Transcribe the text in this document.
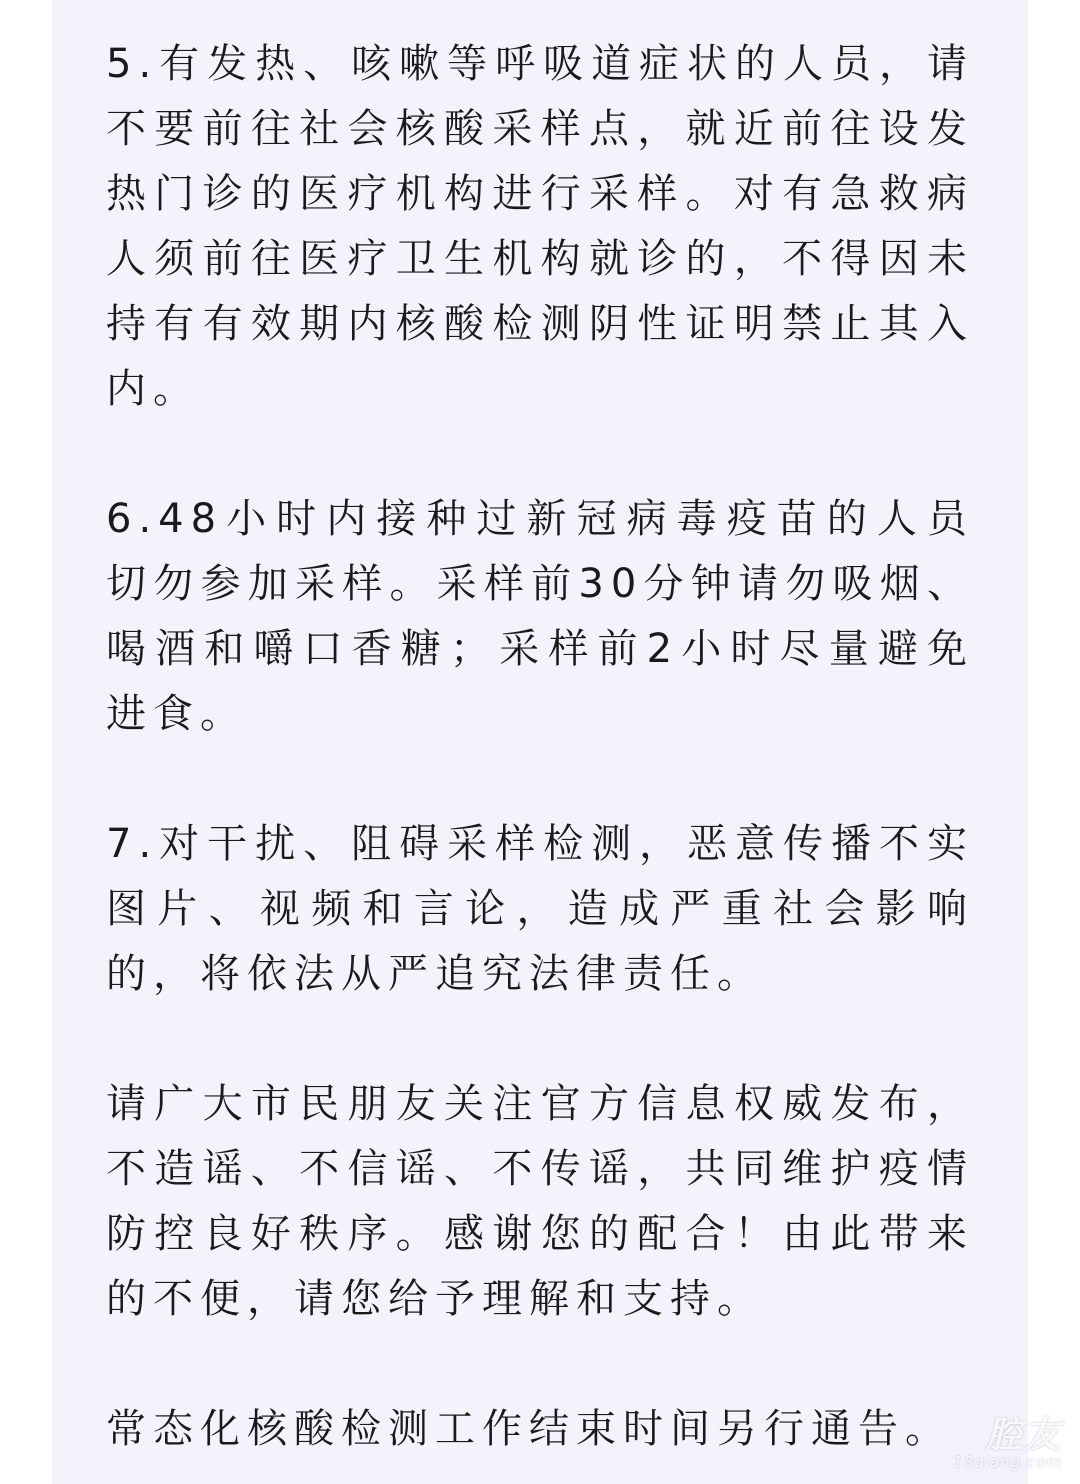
5.有发热、咳嗽等呼吸道症状的人员，请不要前往社会核酸采样点，就近前往设发热门诊的医疗机构进行采样。对有急救病人须前往医疗卫生机构就诊的，不得因未持有有效期内核酸检测阴性证明禁止其入内。

6.48小时内接种过新冠病毒疫苗的人员切勿参加采样。采样前30分钟请勿吸烟、喝酒和嚼口香糖；采样前2小时尽量避免进食。

7.对干扰、阻碍采样检测，恶意传播不实图片、视频和言论，造成严重社会影响的，将依法从严追究法律责任。

请广大市民朋友关注官方信息权威发布，不造谣、不信谣、不传谣，共同维护疫情防控良好秩序。感谢您的配合！由此带来的不便，请您给予理解和支持。

常态化核酸检测工作结束时间另行通告。 腔友
18qiang.com
